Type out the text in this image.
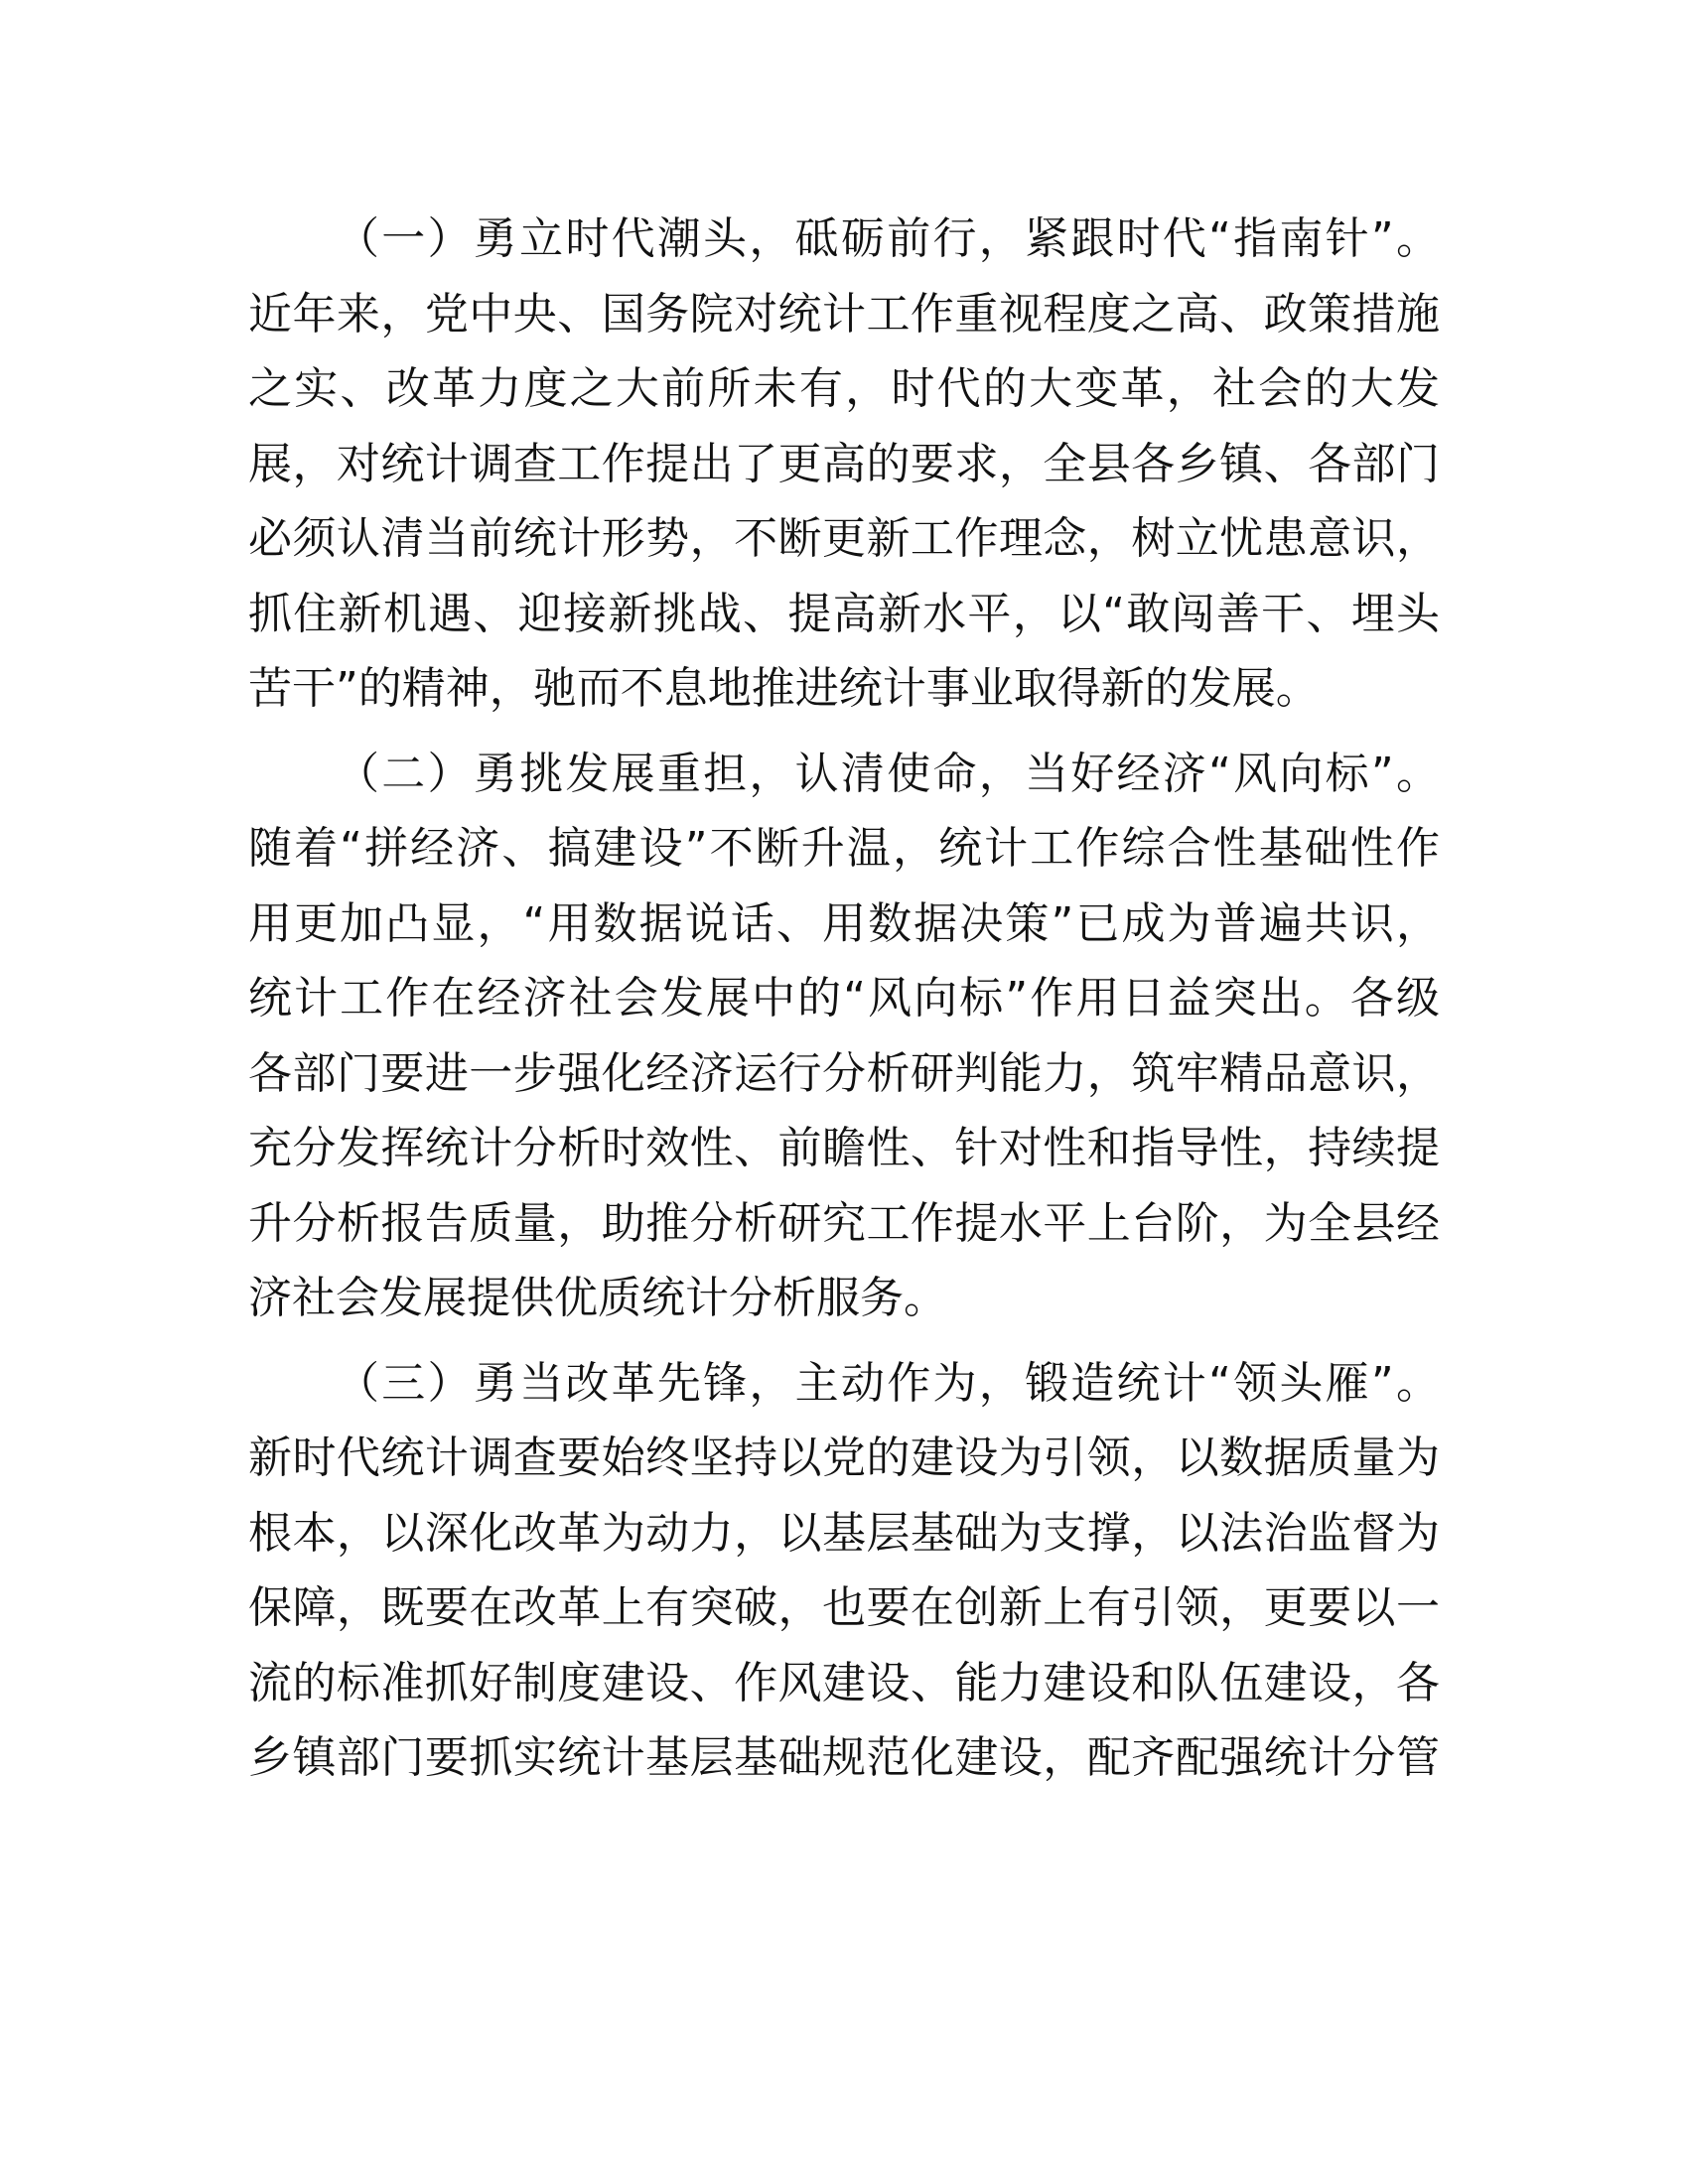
（一）勇立时代潮头，砥砺前行，紧跟时代“指南针”。
近年来，党中央、国务院对统计工作重视程度之高、政策措施
之实、改革力度之大前所未有，时代的大变革，社会的大发
展，对统计调查工作提出了更高的要求，全县各乡镇、各部门
必须认清当前统计形势，不断更新工作理念，树立忧患意识，
抓住新机遇、迎接新挑战、提高新水平，以“敢闯善干、埋头
苦干”的精神，驰而不息地推进统计事业取得新的发展。
（二）勇挑发展重担，认清使命，当好经济“风向标”。
随着“拼经济、搞建设”不断升温，统计工作综合性基础性作
用更加凸显，“用数据说话、用数据决策”已成为普遍共识，
统计工作在经济社会发展中的“风向标”作用日益突出。各级
各部门要进一步强化经济运行分析研判能力，筑牢精品意识，
充分发挥统计分析时效性、前瞻性、针对性和指导性，持续提
升分析报告质量，助推分析研究工作提水平上台阶，为全县经
济社会发展提供优质统计分析服务。
（三）勇当改革先锋，主动作为，锻造统计“领头雁”。
新时代统计调查要始终坚持以党的建设为引领，以数据质量为
根本，以深化改革为动力，以基层基础为支撑，以法治监督为
保障，既要在改革上有突破，也要在创新上有引领，更要以一
流的标准抓好制度建设、作风建设、能力建设和队伍建设，各
乡镇部门要抓实统计基层基础规范化建设，配齐配强统计分管
